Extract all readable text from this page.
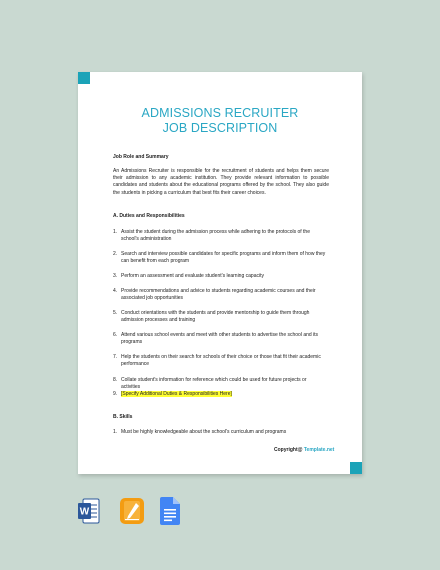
ADMISSIONS RECRUITER
JOB DESCRIPTION
Job Role and Summary
An Admissions Recruiter is responsible for the recruitment of students and helps them secure their admission to any academic institution. They provide relevant information to possible candidates and students about the educational programs offered by the school. They also guide the students in picking a curriculum that best fits their career choices.
A. Duties and Responsibilities
1. Assist the student during the admission process while adhering to the protocols of the school's administration
2. Search and interview possible candidates for specific programs and inform them of how they can benefit from each program
3. Perform an assessment and evaluate student's learning capacity
4. Provide recommendations and advice to students regarding academic courses and their associated job opportunities
5. Conduct orientations with the students and provide mentorship to guide them through admission processes and training
6. Attend various school events and meet with other students to advertise the school and its programs
7. Help the students on their search for schools of their choice or those that fit their academic performance
8. Collate student's information for reference which could be used for future projects or activities
9. [Specify Additional Duties & Responsibilities Here]
B. Skills
1. Must be highly knowledgeable about the school's curriculum and programs
Copyright@ Template.net
W
